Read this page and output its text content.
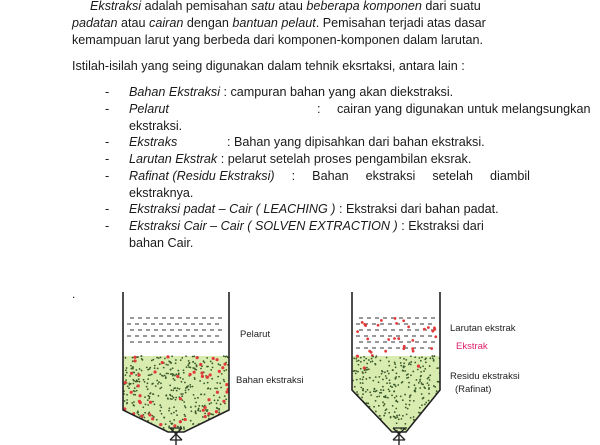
Ekstraksi adalah pemisahan satu atau beberapa komponen dari suatu
padatan atau cairan dengan bantuan pelaut. Pemisahan terjadi atas dasar
kemampuan larut yang berbeda dari komponen-komponen dalam larutan.
Istilah-isilah yang seing digunakan dalam tehnik eksrtaksi, antara lain :
- Bahan Ekstraksi : campuran bahan yang akan diekstraksi.
- Pelarut	: cairan yang digunakan untuk melangsungkan
ekstraksi.
- Ekstraks	: Bahan yang dipisahkan dari bahan ekstraksi.
- Larutan Ekstrak : pelarut setelah proses pengambilan eksrak.
- Rafinat (Residu Ekstraksi) : Bahan ekstraksi setelah diambil
ekstraknya.
- Ekstraksi padat – Cair ( LEACHING ) : Ekstraksi dari bahan padat.
- Ekstraksi Cair – Cair ( SOLVEN EXTRACTION ) : Ekstraksi dari
bahan Cair.
.
Pelarut
Bahan ekstraksi
Larutan ekstrak
Ekstrak
Residu ekstraksi
(Rafinat)
